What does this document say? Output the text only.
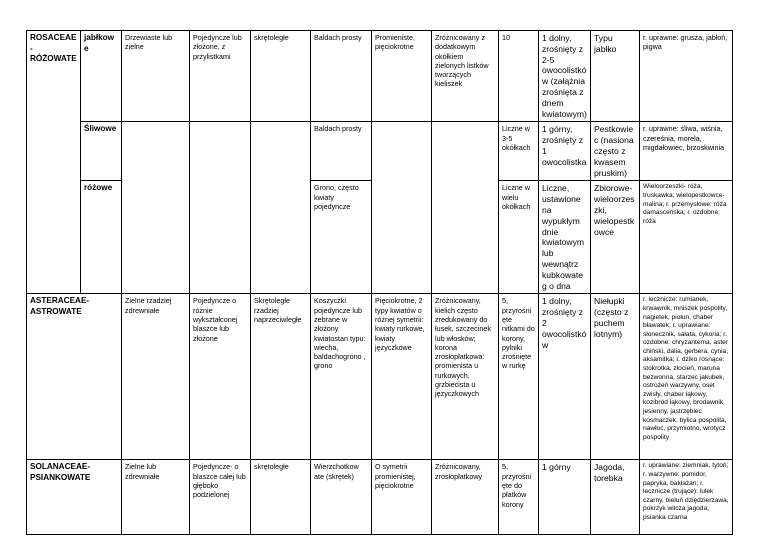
ROSACEAE-RÓŻOWATE	jabłkowe	Drzewiaste lub zielne	Pojedyncze lub złożone, z przylistkami	skrętoległe	Baldach prosty	Promieniste, pięciokrotne	Zróżnicowany z dodatkowym okółkiem zielonych listków tworzących kieliszek	10	1 dolny, zrośnięty z 2-5 owocolistków (załążnia zrośnięta z dnem kwiatowym)	Typu jabłko	r. uprawne: grusza, jabłoń, pigwa
	Śliwowe				Baldach prosty			Liczne w 3-5 okółkach	1 górny, zrośnięty z 1 owocolistka	Pestkowiec (nasiona często z kwasem pruskim)	r. uprawne: śliwa, wiśnia, czereśnia, morela, migdałowiec, brzoskwinia
	różowe				Grono, często kwiaty pojedyncze			Liczne w wielu okółkach	Liczne, ustawione na wypukłym dnie kwiatowym lub wewnątrz kubkowateg o dna	Zbiorowe- wieloorzeszki, wielopestkowce	Wieloorzeszki- róża, truskawka; wielopestkowce- malina; r. przemysłowe: róża damasceńska; r. ozdobne: róża
ASTERACEAE-ASTROWATE		Zielne rzadziej zdrewniałe	Pojedyncze o różnie wykształconej blaszce lub złożone	Skrętoległe rzadziej naprzeciwległe	Koszyczki pojedyncze lub zebrane w złożony kwiatostan typu: wiecha, baldachogrono , grono	Pięciokrotne, 2 typy kwiatów o różnej symetrii: kwiaty rurkowe, kwiaty języczkowe	Zróżnicowany, kielich często zredukowany do łusek, szczecinek lub włosków; korona zrosłopłatkowa: promienista u rurkowych, grzbiecista u języczkowych	5, przyrośnięte nitkami do korony, pylniki zrośnięte w rurkę	1 dolny, zrośnięty z 2 owocolistków	Niełupki (często z puchem lotnym)	r. lecznicze: rumianek, krwawnik, mniszek pospolity, nagietek, piołun, chaber bławatek; r. uprawiane: słonecznik, sałata, cykoria; r. ozdobne: chryzantema, aster chiński, dalia, gerbera, cynia, aksamitka; r. dziko rosnące: stokrotka, złocień, maruna bezwonna, starzec jakubek, ostrożeń warzywny, oset zwisły, chaber łąkowy, kozibród łąkowy, brodawnik jesienny, jastrzębiec kosmaczek, bylica pospolita, nawłoć, przymiotno, wrotycz pospolity
SOLANACEAE-PSIANKOWATE		Zielne lub zdrewniałe	Pojedyncze- o blaszce całej lub głęboko podzielonej	skrętoległe	Wierzchotkow ate (skrętek)	O symetrii promienistej, pięciokrotne	Zróżnicowany, zrosłopłatkowy	5, przyrośnięte do płatków korony	1 górny	Jagoda, torebka	r. uprawiane: ziemniak, tytoń; r. warzywne: pomidor, papryka, bakłażan; r. lecznicze (trujące): lulek czarny, bieluń dziędzierzawa, pokrzyk wilcza jagoda, psianka czarna
